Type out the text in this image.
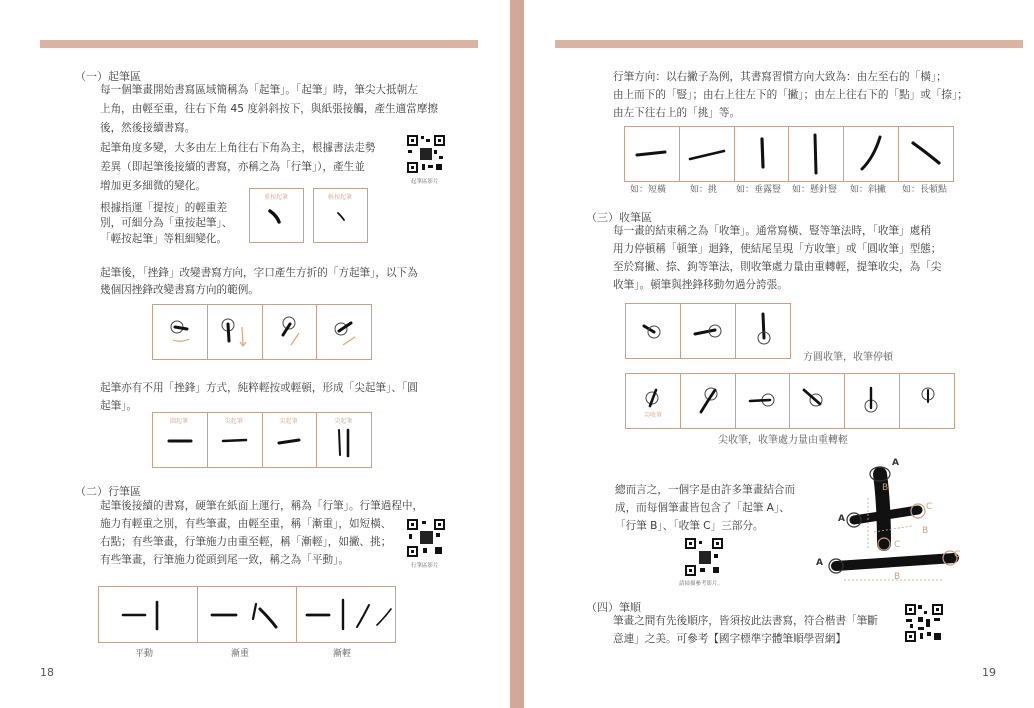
（一）起筆區
每一個筆畫開始書寫區域簡稱為「起筆」。「起筆」時，筆尖大抵朝左
上角，由輕至重，往右下角 45 度斜斜按下，與紙張接觸，產生適當摩擦
後，然後接續書寫。
起筆角度多變，大多由左上角往右下角為主，根據書法走勢
差異（即起筆後接續的書寫，亦稱之為「行筆」），產生並
增加更多細微的變化。	起筆區影片
根據指運「提按」的輕重差
別，可細分為「重按起筆」、
「輕按起筆」等粗細變化。
重按起筆	輕按起筆
起筆後，「挫鋒」改變書寫方向，字口產生方折的「方起筆」，以下為
幾個因挫鋒改變書寫方向的範例。
起筆亦有不用「挫鋒」方式，純粹輕按或輕頓，形成「尖起筆」、「圓
起筆」。
圓起筆	尖起筆	尖起筆	尖起筆
（二）行筆區
起筆後接續的書寫，硬筆在紙面上運行，稱為「行筆」。行筆過程中，
施力有輕重之別，有些筆畫，由輕至重，稱「漸重」，如短橫、
右點；有些筆畫，行筆施力由重至輕，稱「漸輕」，如撇、挑；
有些筆畫，行筆施力從頭到尾一致，稱之為「平動」。	行筆區影片
平動	漸重	漸輕
18
行筆方向：以右撇子為例，其書寫習慣方向大致為：由左至右的「橫」；
由上而下的「豎」；由右上往左下的「撇」；由左上往右下的「點」或「捺」；
由左下往右上的「挑」等。
如：短橫	如：挑 如：垂露豎 如：懸針豎 如：斜撇 如：長頓點
（三）收筆區
每一畫的結束稱之為「收筆」。通常寫橫、豎等筆法時，「收筆」處稍
用力停頓稱「頓筆」迴鋒，使結尾呈現「方收筆」或「圓收筆」型態；
至於寫撇、捺、鉤等筆法，則收筆處力量由重轉輕，提筆收尖，為「尖
收筆」。頓筆與挫鋒移動勿過分誇張。
方圓收筆，收筆停頓
尖收筆
尖收筆，收筆處力量由重轉輕
總而言之，一個字是由許多筆畫結合而
成，而每個筆畫皆包含了「起筆 A」、
「行筆 B」、「收筆 C」三部分。
請掃描參考影片。
A
B
A
C
B
C
A
C
B
（四）筆順
筆畫之間有先後順序，皆須按此法書寫，符合楷書「筆斷
意連」之美。可參考【國字標準字體筆順學習網】
19
